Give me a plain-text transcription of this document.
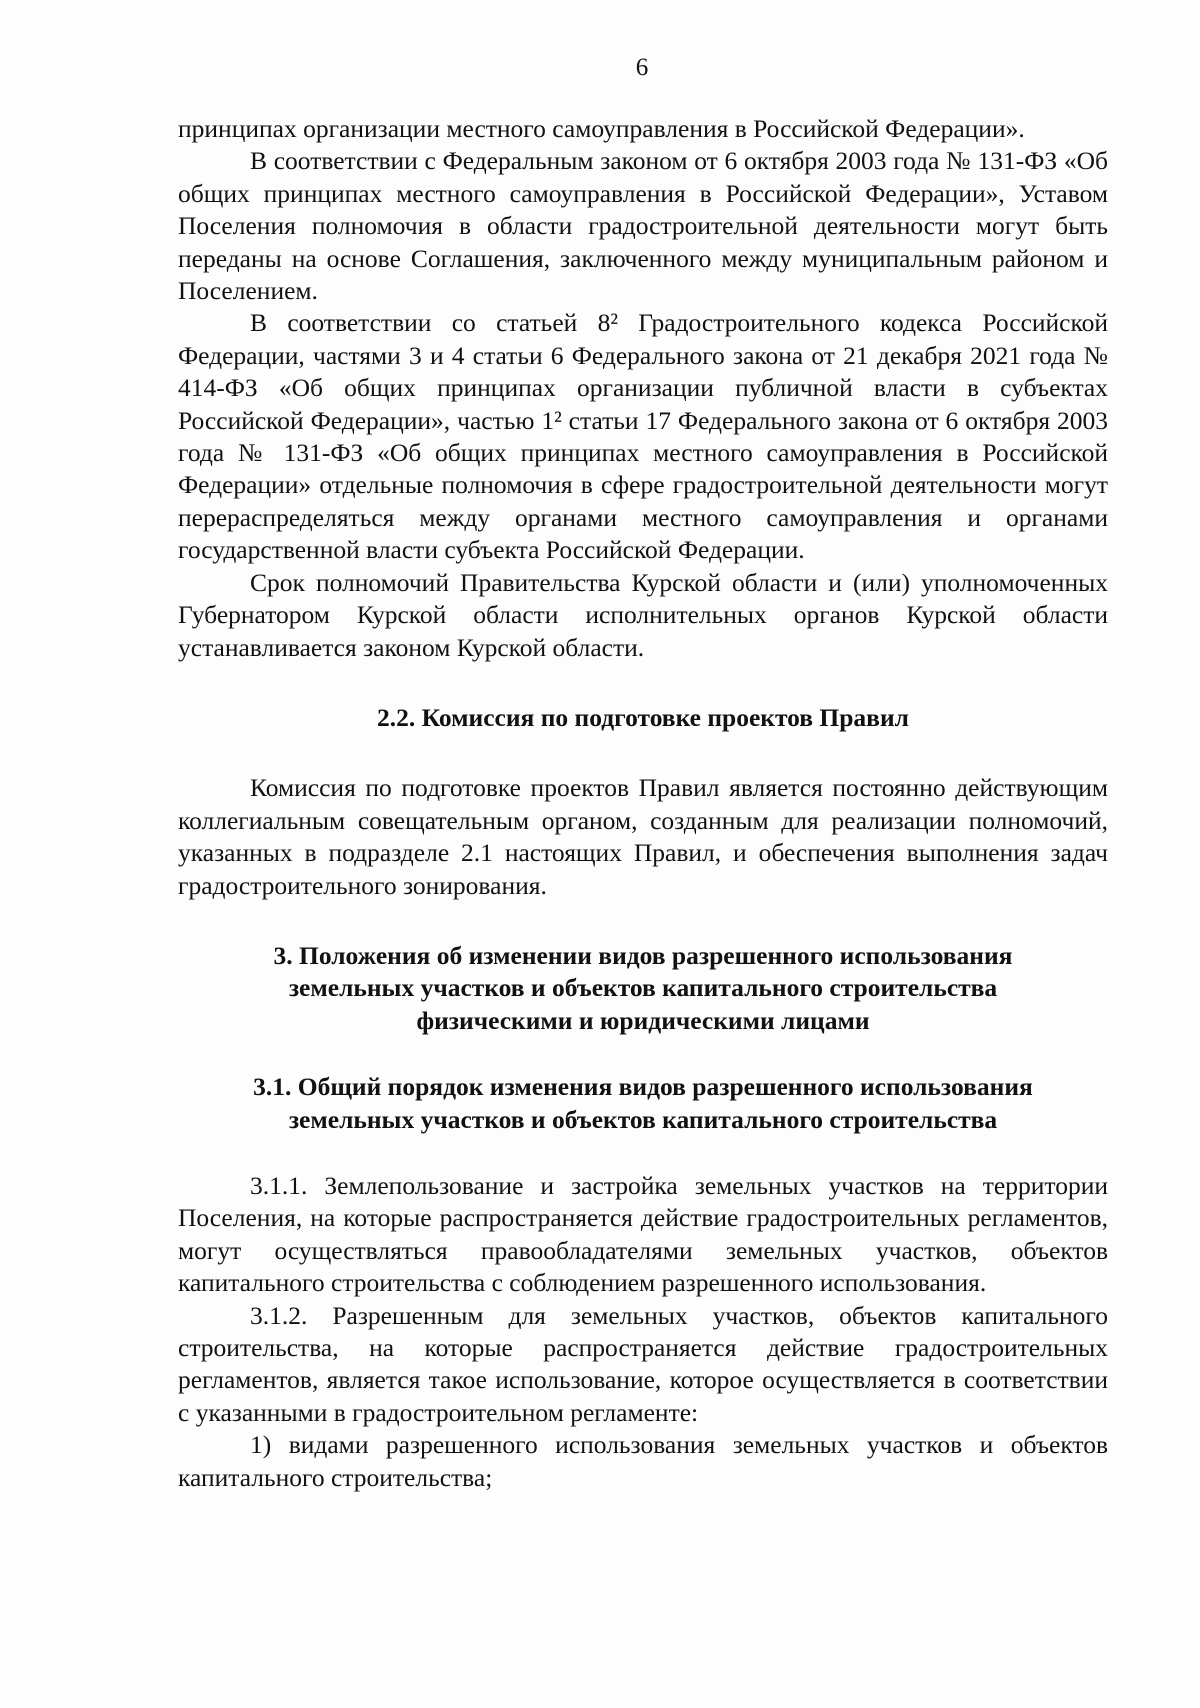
6

принципах организации местного самоуправления в Российской Федерации».

В соответствии с Федеральным законом от 6 октября 2003 года № 131-ФЗ «Об общих принципах местного самоуправления в Российской Федерации», Уставом Поселения полномочия в области градостроительной деятельности могут быть переданы на основе Соглашения, заключенного между муниципальным районом и Поселением.

В соответствии со статьей 8² Градостроительного кодекса Российской Федерации, частями 3 и 4 статьи 6 Федерального закона от 21 декабря 2021 года № 414-ФЗ «Об общих принципах организации публичной власти в субъектах Российской Федерации», частью 1² статьи 17 Федерального закона от 6 октября 2003 года № 131-ФЗ «Об общих принципах местного самоуправления в Российской Федерации» отдельные полномочия в сфере градостроительной деятельности могут перераспределяться между органами местного самоуправления и органами государственной власти субъекта Российской Федерации.

Срок полномочий Правительства Курской области и (или) уполномоченных Губернатором Курской области исполнительных органов Курской области устанавливается законом Курской области.

2.2. Комиссия по подготовке проектов Правил

Комиссия по подготовке проектов Правил является постоянно действующим коллегиальным совещательным органом, созданным для реализации полномочий, указанных в подразделе 2.1 настоящих Правил, и обеспечения выполнения задач градостроительного зонирования.

3. Положения об изменении видов разрешенного использования

земельных участков и объектов капитального строительства

физическими и юридическими лицами

3.1. Общий порядок изменения видов разрешенного использования

земельных участков и объектов капитального строительства

3.1.1. Землепользование и застройка земельных участков на территории Поселения, на которые распространяется действие градостроительных регламентов, могут осуществляться правообладателями земельных участков, объектов капитального строительства с соблюдением разрешенного использования.

3.1.2. Разрешенным для земельных участков, объектов капитального строительства, на которые распространяется действие градостроительных регламентов, является такое использование, которое осуществляется в соответствии с указанными в градостроительном регламенте:

1) видами разрешенного использования земельных участков и объектов капитального строительства;
